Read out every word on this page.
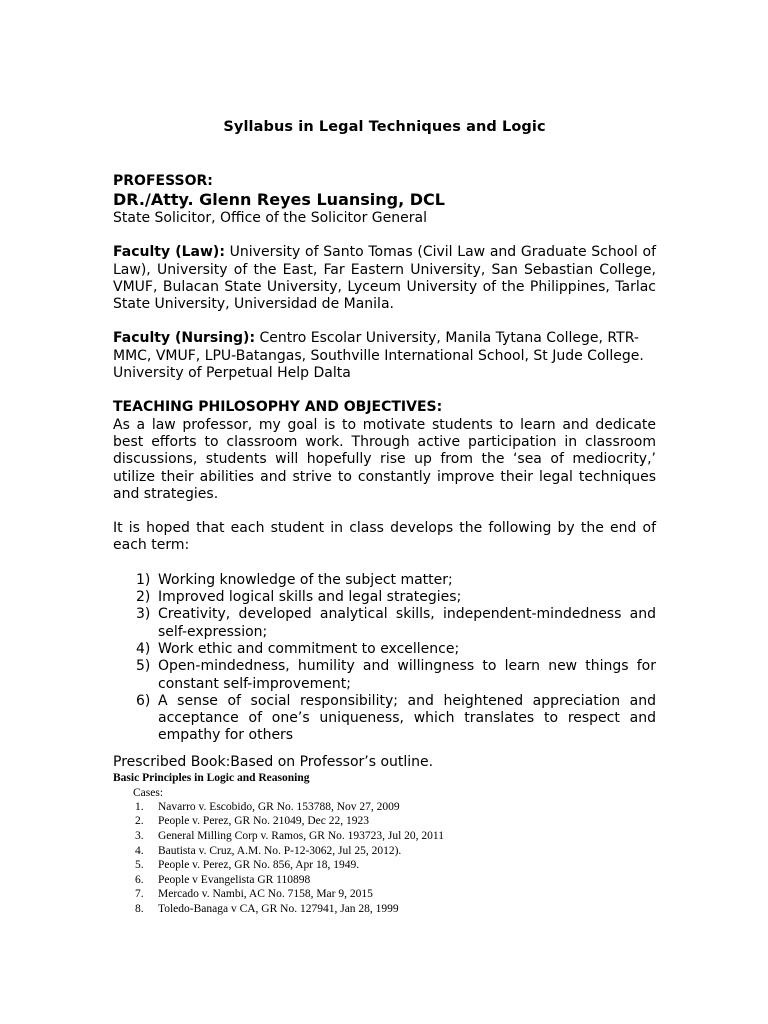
Syllabus in Legal Techniques and Logic
PROFESSOR:
DR./Atty. Glenn Reyes Luansing, DCL

State Solicitor, Office of the Solicitor General

Faculty (Law): University of Santo Tomas (Civil Law and Graduate School of Law), University of the East, Far Eastern University, San Sebastian College, VMUF, Bulacan State University, Lyceum University of the Philippines, Tarlac State University, Universidad de Manila.

Faculty (Nursing): Centro Escolar University, Manila Tytana College, RTR-MMC, VMUF, LPU-Batangas, Southville International School, St Jude College. University of Perpetual Help Dalta

TEACHING PHILOSOPHY AND OBJECTIVES:

As a law professor, my goal is to motivate students to learn and dedicate best efforts to classroom work. Through active participation in classroom discussions, students will hopefully rise up from the ‘sea of mediocrity,’ utilize their abilities and strive to constantly improve their legal techniques and strategies.

It is hoped that each student in class develops the following by the end of each term:

1) Working knowledge of the subject matter;
2) Improved logical skills and legal strategies;
3) Creativity, developed analytical skills, independent-mindedness and self-expression;
4) Work ethic and commitment to excellence;
5) Open-mindedness, humility and willingness to learn new things for constant self-improvement;
6) A sense of social responsibility; and heightened appreciation and acceptance of one’s uniqueness, which translates to respect and empathy for others
Prescribed Book:Based on Professor’s outline.
Basic Principles in Logic and Reasoning
Cases:
1. Navarro v. Escobido, GR No. 153788, Nov 27, 2009
2. People v. Perez, GR No. 21049, Dec 22, 1923
3. General Milling Corp v. Ramos, GR No. 193723, Jul 20, 2011
4. Bautista v. Cruz, A.M. No. P-12-3062, Jul 25, 2012).
5. People v. Perez, GR No. 856, Apr 18, 1949.
6. People v Evangelista GR 110898
7. Mercado v. Nambi, AC No. 7158, Mar 9, 2015
8. Toledo-Banaga v CA, GR No. 127941, Jan 28, 1999
